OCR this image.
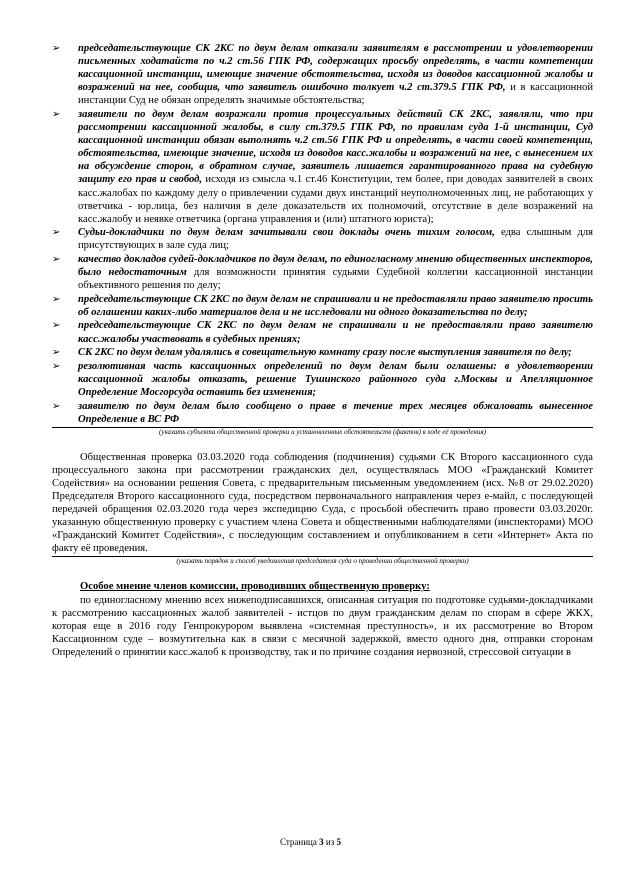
➢ председательствующие СК 2КС по двум делам отказали заявителям в рассмотрении и удовлетворении письменных ходатайств по ч.2 ст.56 ГПК РФ, содержащих просьбу определять, в части компетенции кассационной инстанции, имеющие значение обстоятельства, исходя из доводов кассационной жалобы и возражений на нее, сообщив, что заявитель ошибочно толкует ч.2 ст.379.5 ГПК РФ, и в кассационной инстанции Суд не обязан определять значимые обстоятельства;
➢ заявители по двум делам возражали против процессуальных действий СК 2КС, заявляли, что при рассмотрении кассационной жалобы, в силу ст.379.5 ГПК РФ, по правилам суда 1-й инстанции, Суд кассационной инстанции обязан выполнять ч.2 ст.56 ГПК РФ и определять, в части своей компетенции, обстоятельства, имеющие значение, исходя из доводов касс.жалобы и возражений на нее, с вынесением их на обсуждение сторон, в обратном случае, заявитель лишается гарантированного права на судебную защиту его прав и свобод, исходя из смысла ч.1 ст.46 Конституции, тем более, при доводах заявителей в своих касс.жалобах по каждому делу о привлечении судами двух инстанций неуполномоченных лиц, не работающих у ответчика - юр.лица, без наличия в деле доказательств их полномочий, отсутствие в деле возражений на касс.жалобу и неявке ответчика (органа управления и (или) штатного юриста);
➢ Судьи-докладчики по двум делам зачитывали свои доклады очень тихим голосом, едва слышным для присутствующих в зале суда лиц;
➢ качество докладов судей-докладчиков по двум делам, по единогласному мнению общественных инспекторов, было недостаточным для возможности принятия судьями Судебной коллегии кассационной инстанции объективного решения по делу;
➢ председательствующие СК 2КС по двум делам не спрашивали и не предоставляли право заявителю просить об оглашении каких-либо материалов дела и не исследовали ни одного доказательства по делу;
➢ председательствующие СК 2КС по двум делам не спрашивали и не предоставляли право заявителю касс.жалобы участвовать в судебных прениях;
➢ СК 2КС по двум делам удалялись в совещательную комнату сразу после выступления заявителя по делу;
➢ резолютивная часть кассационных определений по двум делам были оглашены: в удовлетворении кассационной жалобы отказать, решение Тушинского районного суда г.Москвы и Апелляционное Определение Мосгорсуда оставить без изменения;
➢ заявителю по двум делам было сообщено о праве в течение трех месяцев обжаловать вынесенное Определение в ВС РФ
(указать субъекта общественной проверки и установленных обстоятельств (фактов) в ходе её проведения)

Общественная проверка 03.03.2020 года соблюдения (подчинения) судьями СК Второго кассационного суда процессуального закона при рассмотрении гражданских дел, осуществлялась МОО «Гражданский Комитет Содействия» на основании решения Совета, с предварительным письменным уведомлением (исх. №8 от 29.02.2020) Председателя Второго кассационного суда, посредством первоначального направления через е-майл, с последующей передачей обращения 02.03.2020 года через экспедицию Суда, с просьбой обеспечить право провести 03.03.2020г. указанную общественную проверку с участием члена Совета и общественными наблюдателями (инспекторами) МОО «Гражданский Комитет Содействия», с последующим составлением и опубликованием в сети «Интернет» Акта по факту её проведения.

(указать порядок и способ уведомления председателя суда о проведении общественной проверки)
Особое мнение членов комиссии, проводивших общественную проверку:

по единогласному мнению всех нижеподписавшихся, описанная ситуация по подготовке судьями-докладчиками к рассмотрению кассационных жалоб заявителей - истцов по двум гражданским делам по спорам в сфере ЖКХ, которая еще в 2016 году Генпрокурором выявлена «системная преступность», и их рассмотрение во Втором Кассационном суде – возмутительна как в связи с месячной задержкой, вместо одного дня, отправки сторонам Определений о принятии касс.жалоб к производству, так и по причине создания нервозной, стрессовой ситуации в

Страница 3 из 5
